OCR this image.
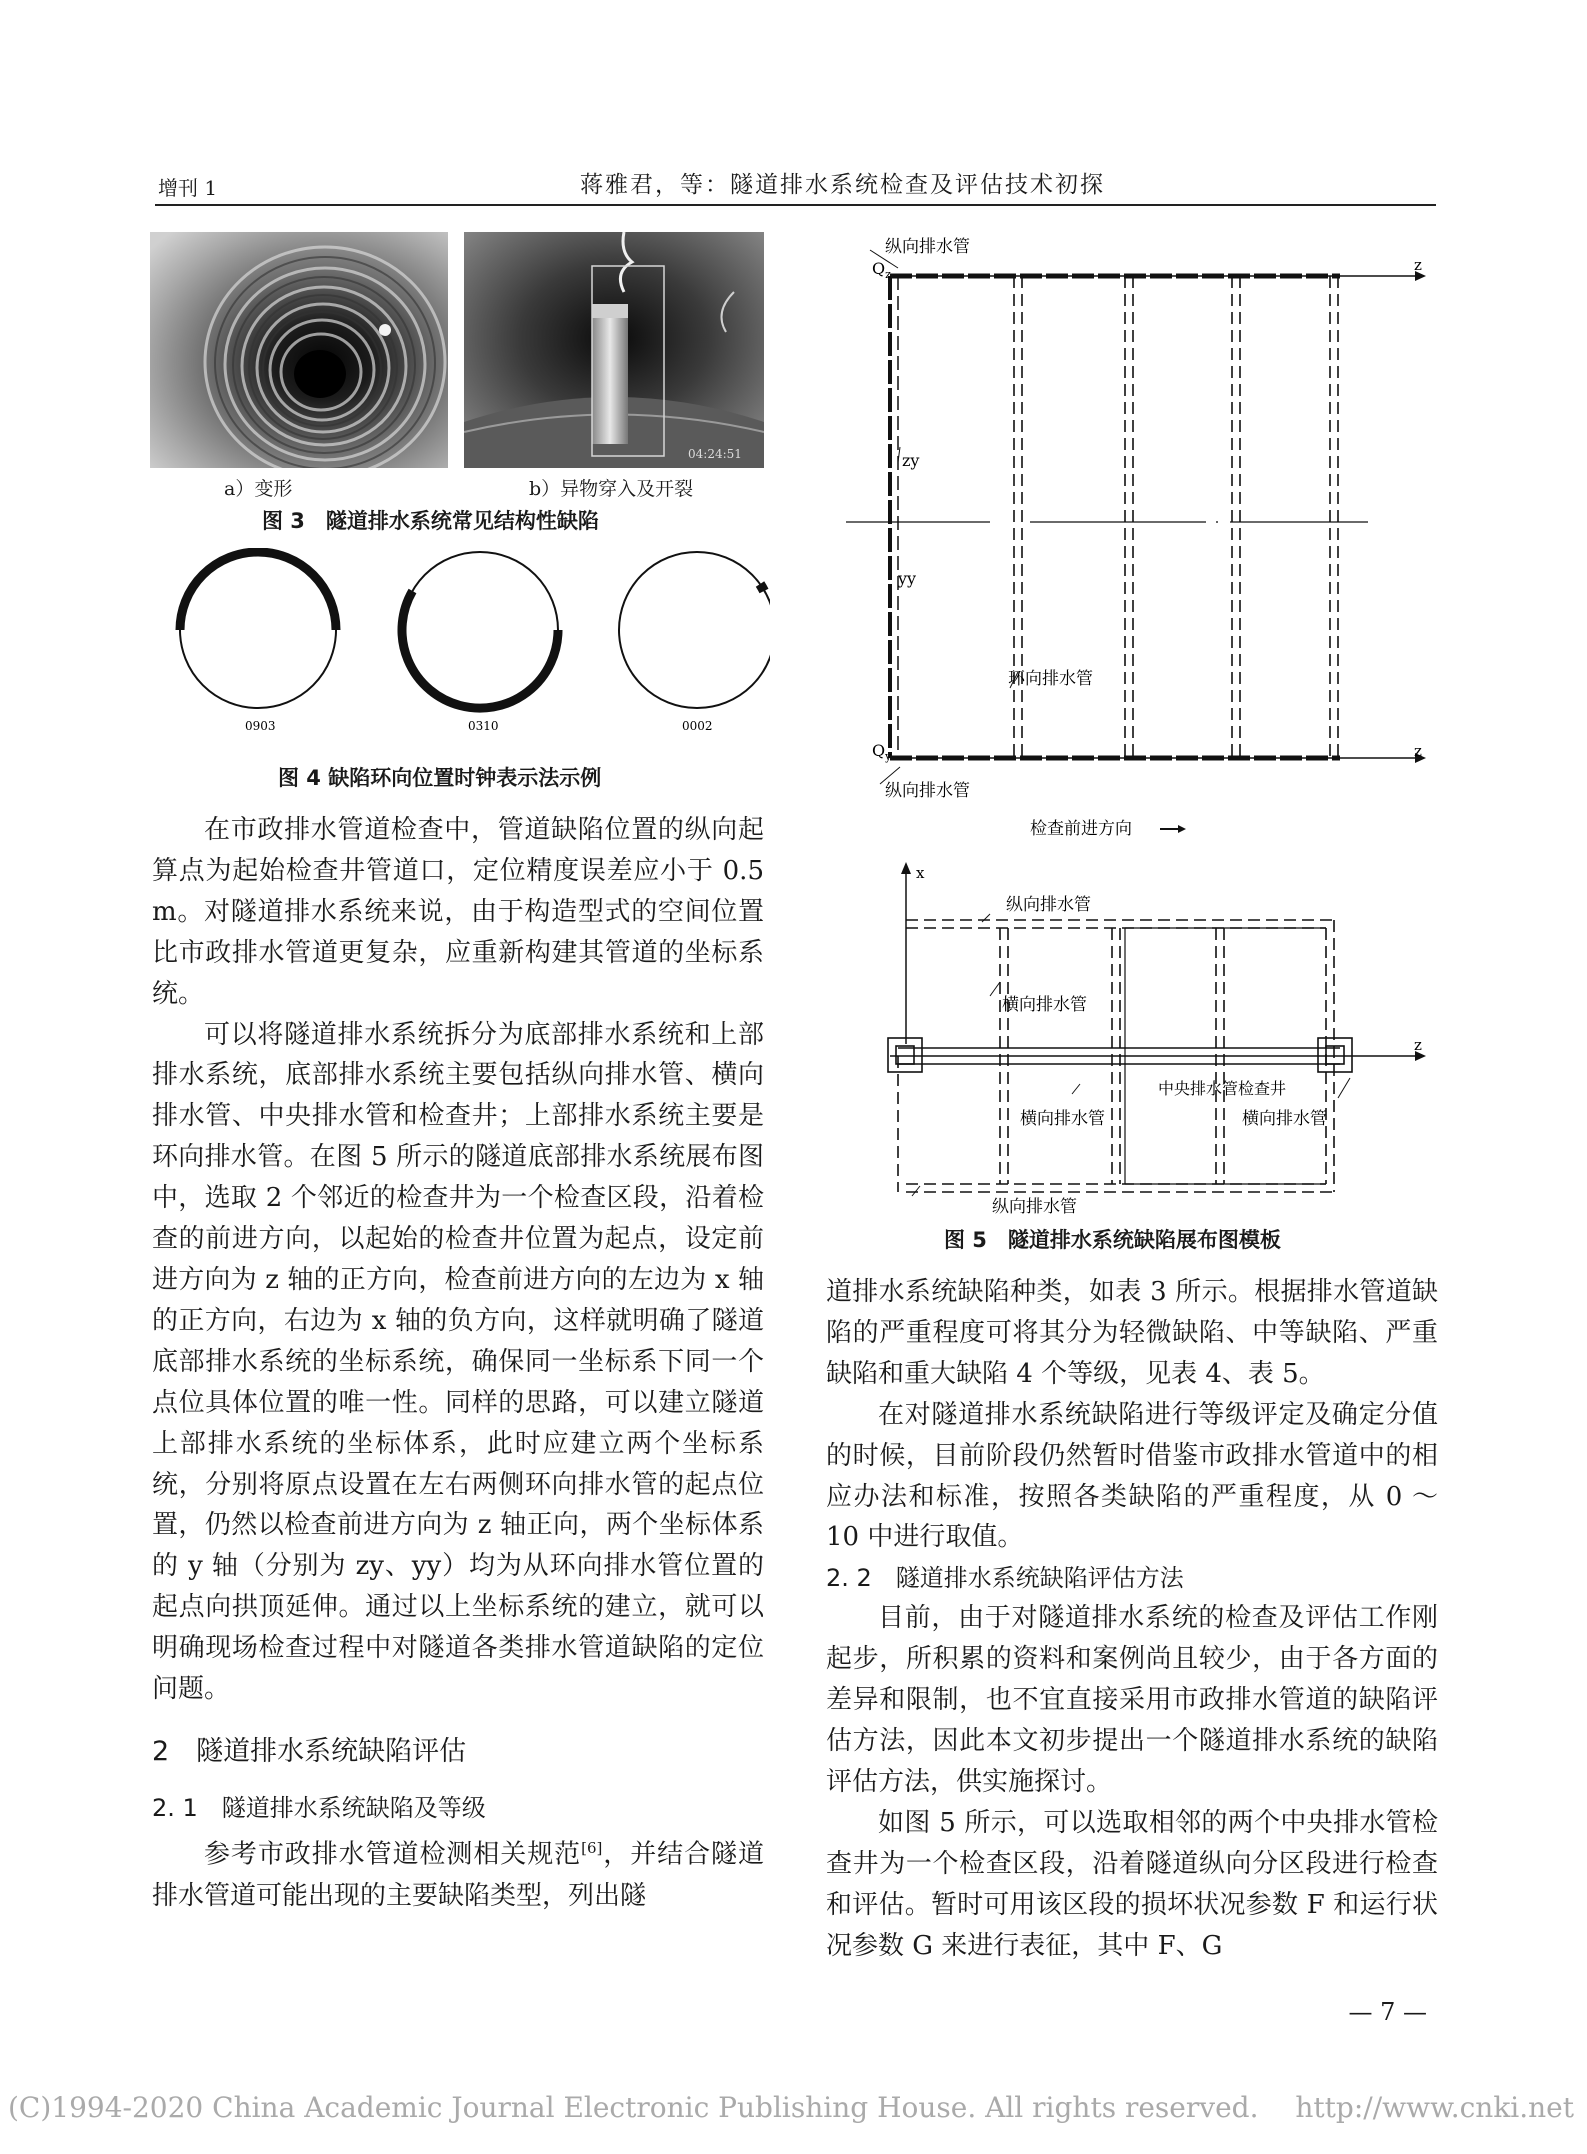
增刊 1	蒋雅君，等：隧道排水系统检查及评估技术初探
04:24:51
a）变形	b）异物穿入及开裂
图 3　隧道排水系统常见结构性缺陷
0903	0310	0002
图 4 缺陷环向位置时钟表示法示例

在市政排水管道检查中，管道缺陷位置的纵向起算点为起始检查井管道口，定位精度误差应小于 0.5 m。对隧道排水系统来说，由于构造型式的空间位置比市政排水管道更复杂，应重新构建其管道的坐标系统。

可以将隧道排水系统拆分为底部排水系统和上部排水系统，底部排水系统主要包括纵向排水管、横向排水管、中央排水管和检查井；上部排水系统主要是环向排水管。在图 5 所示的隧道底部排水系统展布图中，选取 2 个邻近的检查井为一个检查区段，沿着检查的前进方向，以起始的检查井位置为起点，设定前进方向为 z 轴的正方向，检查前进方向的左边为 x 轴的正方向，右边为 x 轴的负方向，这样就明确了隧道底部排水系统的坐标系统，确保同一坐标系下同一个点位具体位置的唯一性。同样的思路，可以建立隧道上部排水系统的坐标体系，此时应建立两个坐标系统，分别将原点设置在左右两侧环向排水管的起点位置，仍然以检查前进方向为 z 轴正向，两个坐标体系的 y 轴（分别为 zy、yy）均为从环向排水管位置的起点向拱顶延伸。通过以上坐标系统的建立，就可以明确现场检查过程中对隧道各类排水管道缺陷的定位问题。

2　隧道排水系统缺陷评估

2. 1　隧道排水系统缺陷及等级

参考市政排水管道检测相关规范[6]，并结合隧道排水管道可能出现的主要缺陷类型，列出隧

纵向排水管
$Q_z$
zy
yy
环向排水管
$Q_y$
z
z
纵向排水管
检查前进方向
x
z
纵向排水管
横向排水管
横向排水管
中央排水管检查井
横向排水管
纵向排水管
图 5　隧道排水系统缺陷展布图模板

道排水系统缺陷种类，如表 3 所示。根据排水管道缺陷的严重程度可将其分为轻微缺陷、中等缺陷、严重缺陷和重大缺陷 4 个等级，见表 4、表 5。

在对隧道排水系统缺陷进行等级评定及确定分值的时候，目前阶段仍然暂时借鉴市政排水管道中的相应办法和标准，按照各类缺陷的严重程度，从 0 ～ 10 中进行取值。

2. 2　隧道排水系统缺陷评估方法

目前，由于对隧道排水系统的检查及评估工作刚起步，所积累的资料和案例尚且较少，由于各方面的差异和限制，也不宜直接采用市政排水管道的缺陷评估方法，因此本文初步提出一个隧道排水系统的缺陷评估方法，供实施探讨。

如图 5 所示，可以选取相邻的两个中央排水管检查井为一个检查区段，沿着隧道纵向分区段进行检查和评估。暂时可用该区段的损坏状况参数 F 和运行状况参数 G 来进行表征，其中 F、G

— 7 —
(C)1994-2020 China Academic Journal Electronic Publishing House. All rights reserved.　 http://www.cnki.net
